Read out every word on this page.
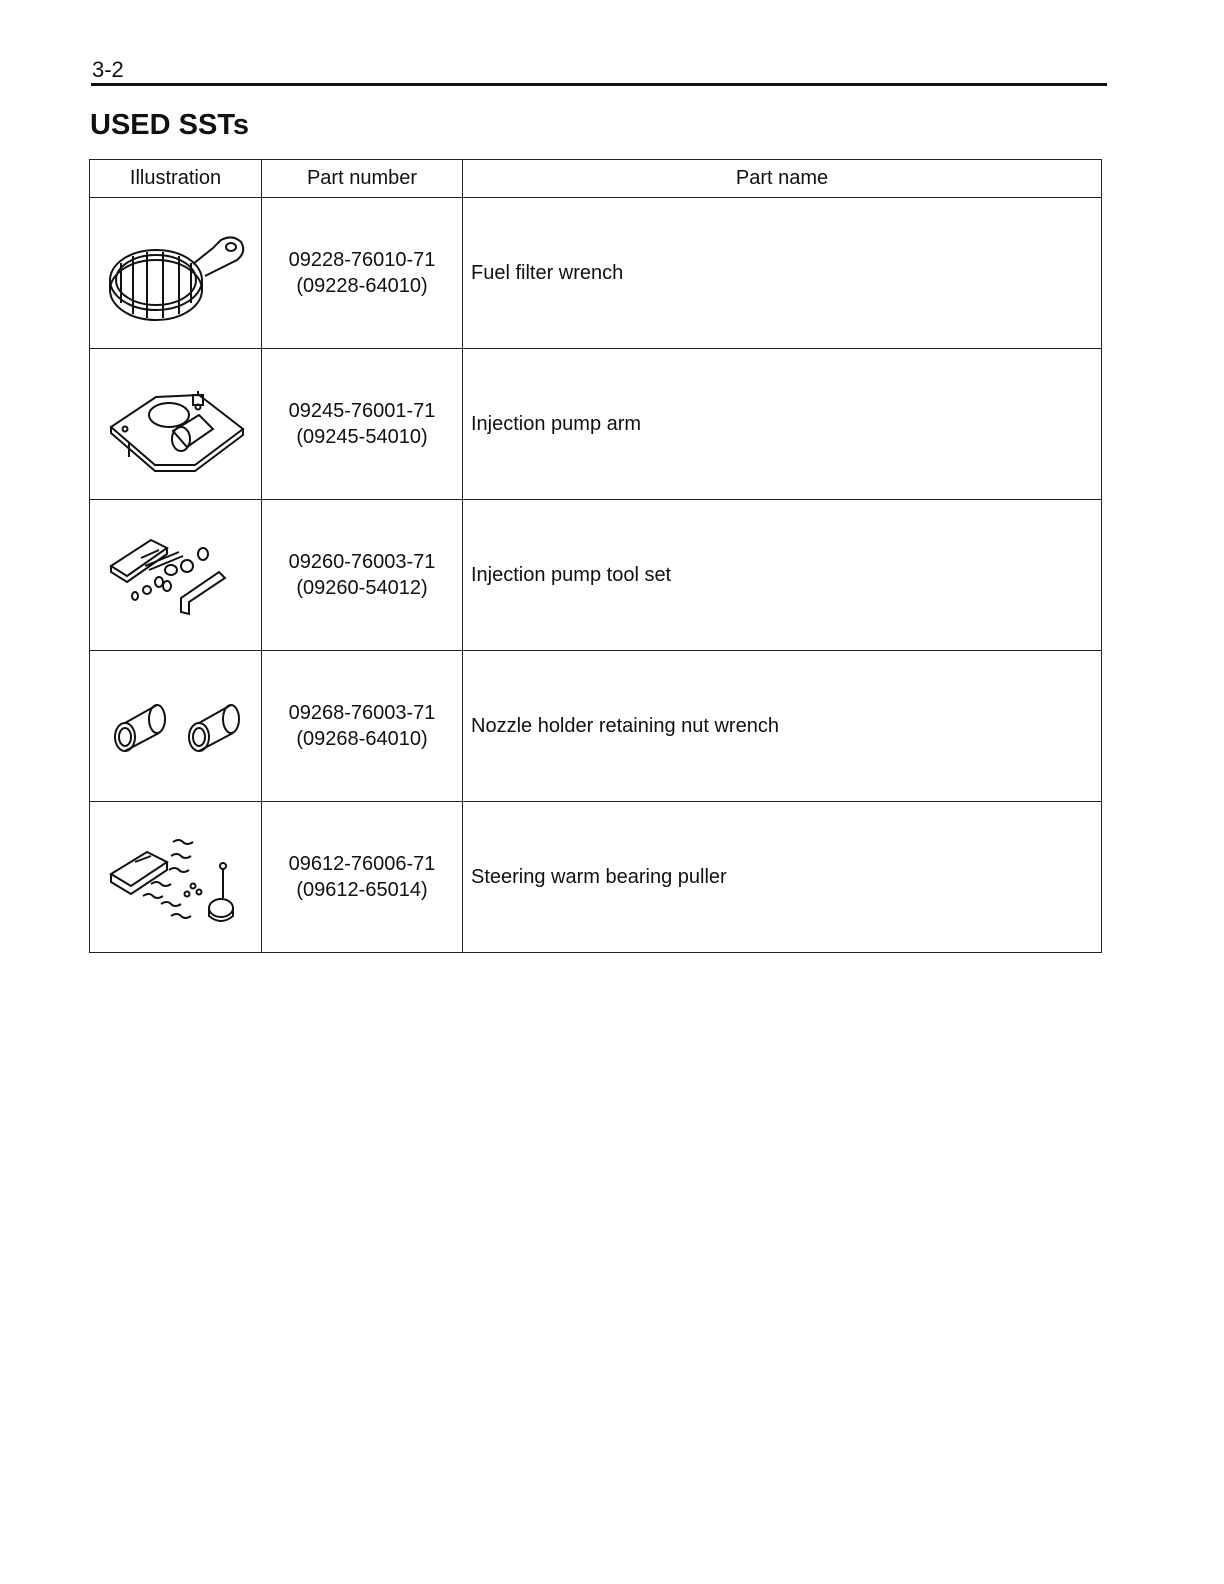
3-2
USED SSTs
Illustration	Part number	Part name

09228-76010-71
(09228-64010)	Fuel filter wrench

09245-76001-71
(09245-54010)	Injection pump arm

09260-76003-71
(09260-54012)	Injection pump tool set

09268-76003-71
(09268-64010)	Nozzle holder retaining nut wrench

09612-76006-71
(09612-65014)	Steering warm bearing puller
